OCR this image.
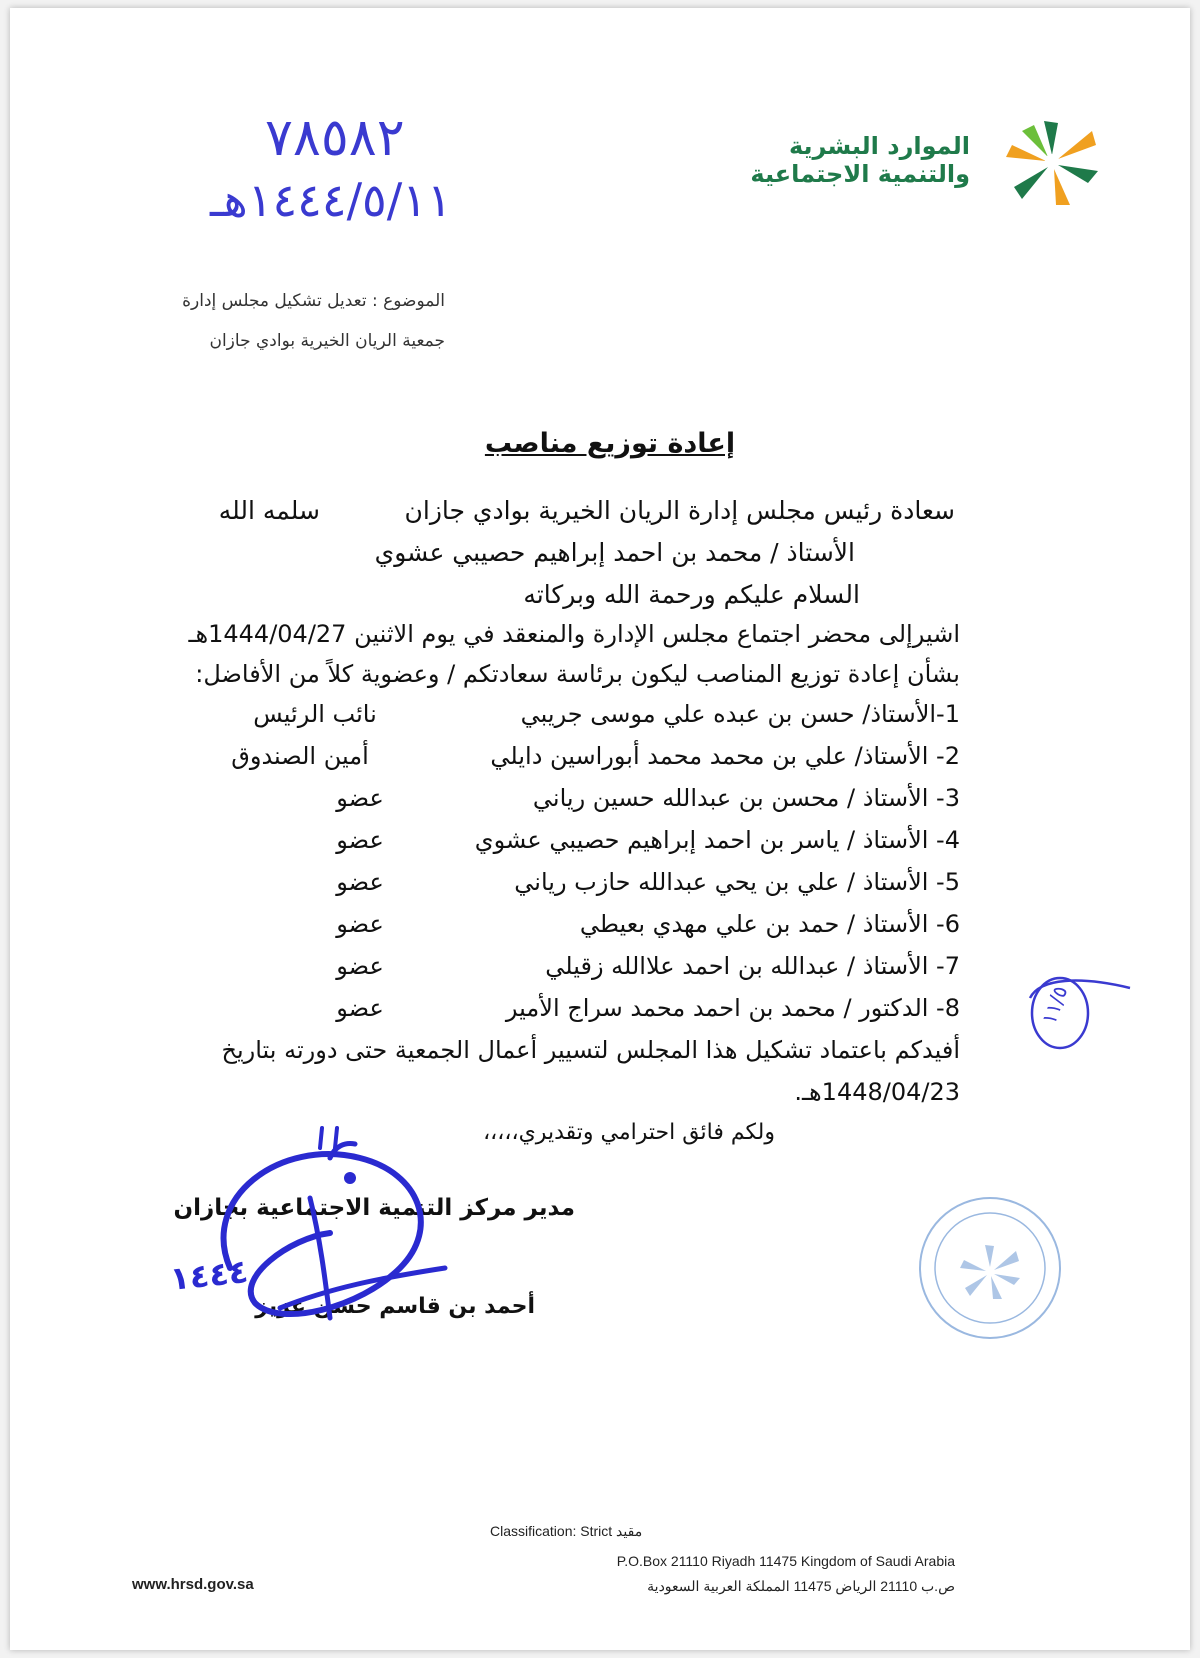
٧٨٥٨٢
١٤٤٤/٥/١١هـ
الموارد البشرية
والتنمية الاجتماعية
الموضوع : تعديل تشكيل مجلس إدارة
جمعية الريان الخيرية بوادي جازان
إعادة توزيع مناصب
سعادة رئيس مجلس إدارة الريان الخيرية بوادي جازان
سلمه الله
الأستاذ / محمد بن احمد إبراهيم حصيبي عشوي
السلام عليكم ورحمة الله وبركاته
اشيرإلى محضر اجتماع مجلس الإدارة والمنعقد في يوم الاثنين 1444/04/27هـ
بشأن إعادة توزيع المناصب ليكون برئاسة سعادتكم / وعضوية كلاً من الأفاضل:
1-الأستاذ/ حسن بن عبده علي موسى جريبي
نائب الرئيس
2- الأستاذ/ علي بن محمد محمد أبوراسين دايلي
أمين الصندوق
3- الأستاذ / محسن بن عبدالله حسين رياني
عضو
4- الأستاذ / ياسر بن احمد إبراهيم حصيبي عشوي
عضو
5- الأستاذ / علي بن يحي عبدالله حازب رياني
عضو
6- الأستاذ / حمد بن علي مهدي بعيطي
عضو
7- الأستاذ / عبدالله بن احمد علاالله زقيلي
عضو
8- الدكتور / محمد بن احمد محمد سراج الأمير
عضو
أفيدكم باعتماد تشكيل هذا المجلس لتسيير أعمال الجمعية حتى دورته بتاريخ
1448/04/23هـ.
ولكم فائق احترامي وتقديري،،،،،
مدير مركز التنمية الاجتماعية بجازان
أحمد بن قاسم حسن عزيز
١٤٤٤
١١/٥
Classification: Strict مقيد
P.O.Box 21110 Riyadh 11475 Kingdom of Saudi Arabia
ص.ب 21110 الرياض 11475 المملكة العربية السعودية
www.hrsd.gov.sa
